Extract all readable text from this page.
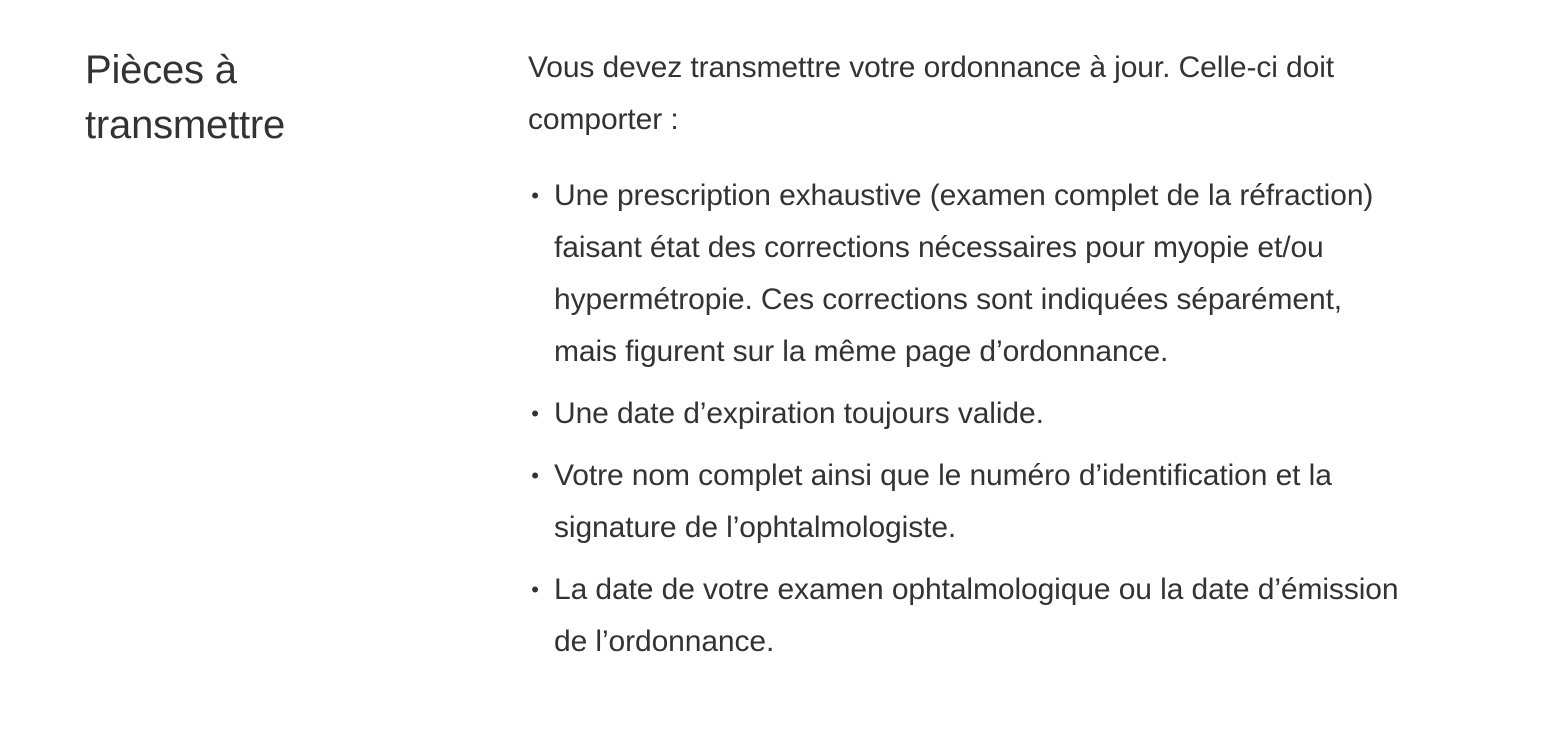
Pièces à
transmettre

Vous devez transmettre votre ordonnance à jour. Celle-ci doit comporter :

• Une prescription exhaustive (examen complet de la réfraction) faisant état des corrections nécessaires pour myopie et/ou hypermétropie. Ces corrections sont indiquées séparément, mais figurent sur la même page d’ordonnance.
• Une date d’expiration toujours valide.
• Votre nom complet ainsi que le numéro d’identification et la signature de l’ophtalmologiste.
• La date de votre examen ophtalmologique ou la date d’émission de l’ordonnance.
